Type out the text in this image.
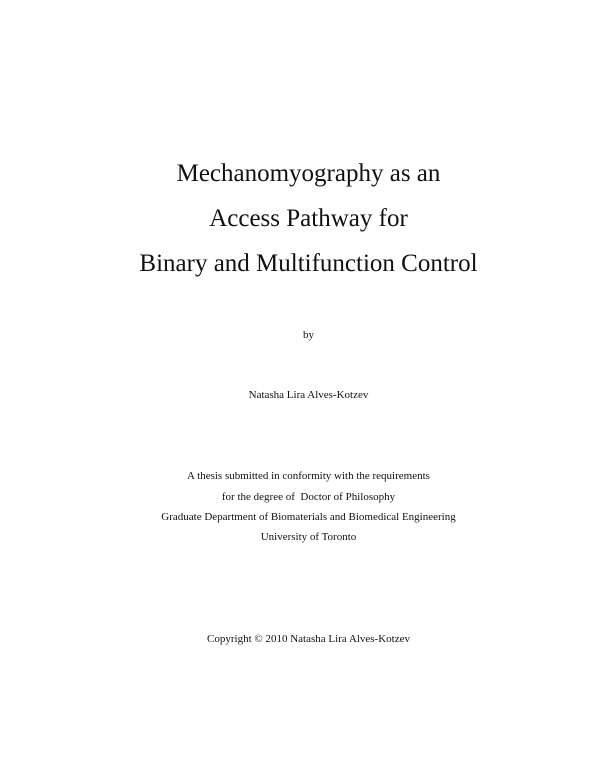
Mechanomyography as an
Access Pathway for
Binary and Multifunction Control
by
Natasha Lira Alves-Kotzev
A thesis submitted in conformity with the requirements
for the degree of  Doctor of Philosophy
Graduate Department of Biomaterials and Biomedical Engineering
University of Toronto
Copyright © 2010 Natasha Lira Alves-Kotzev
